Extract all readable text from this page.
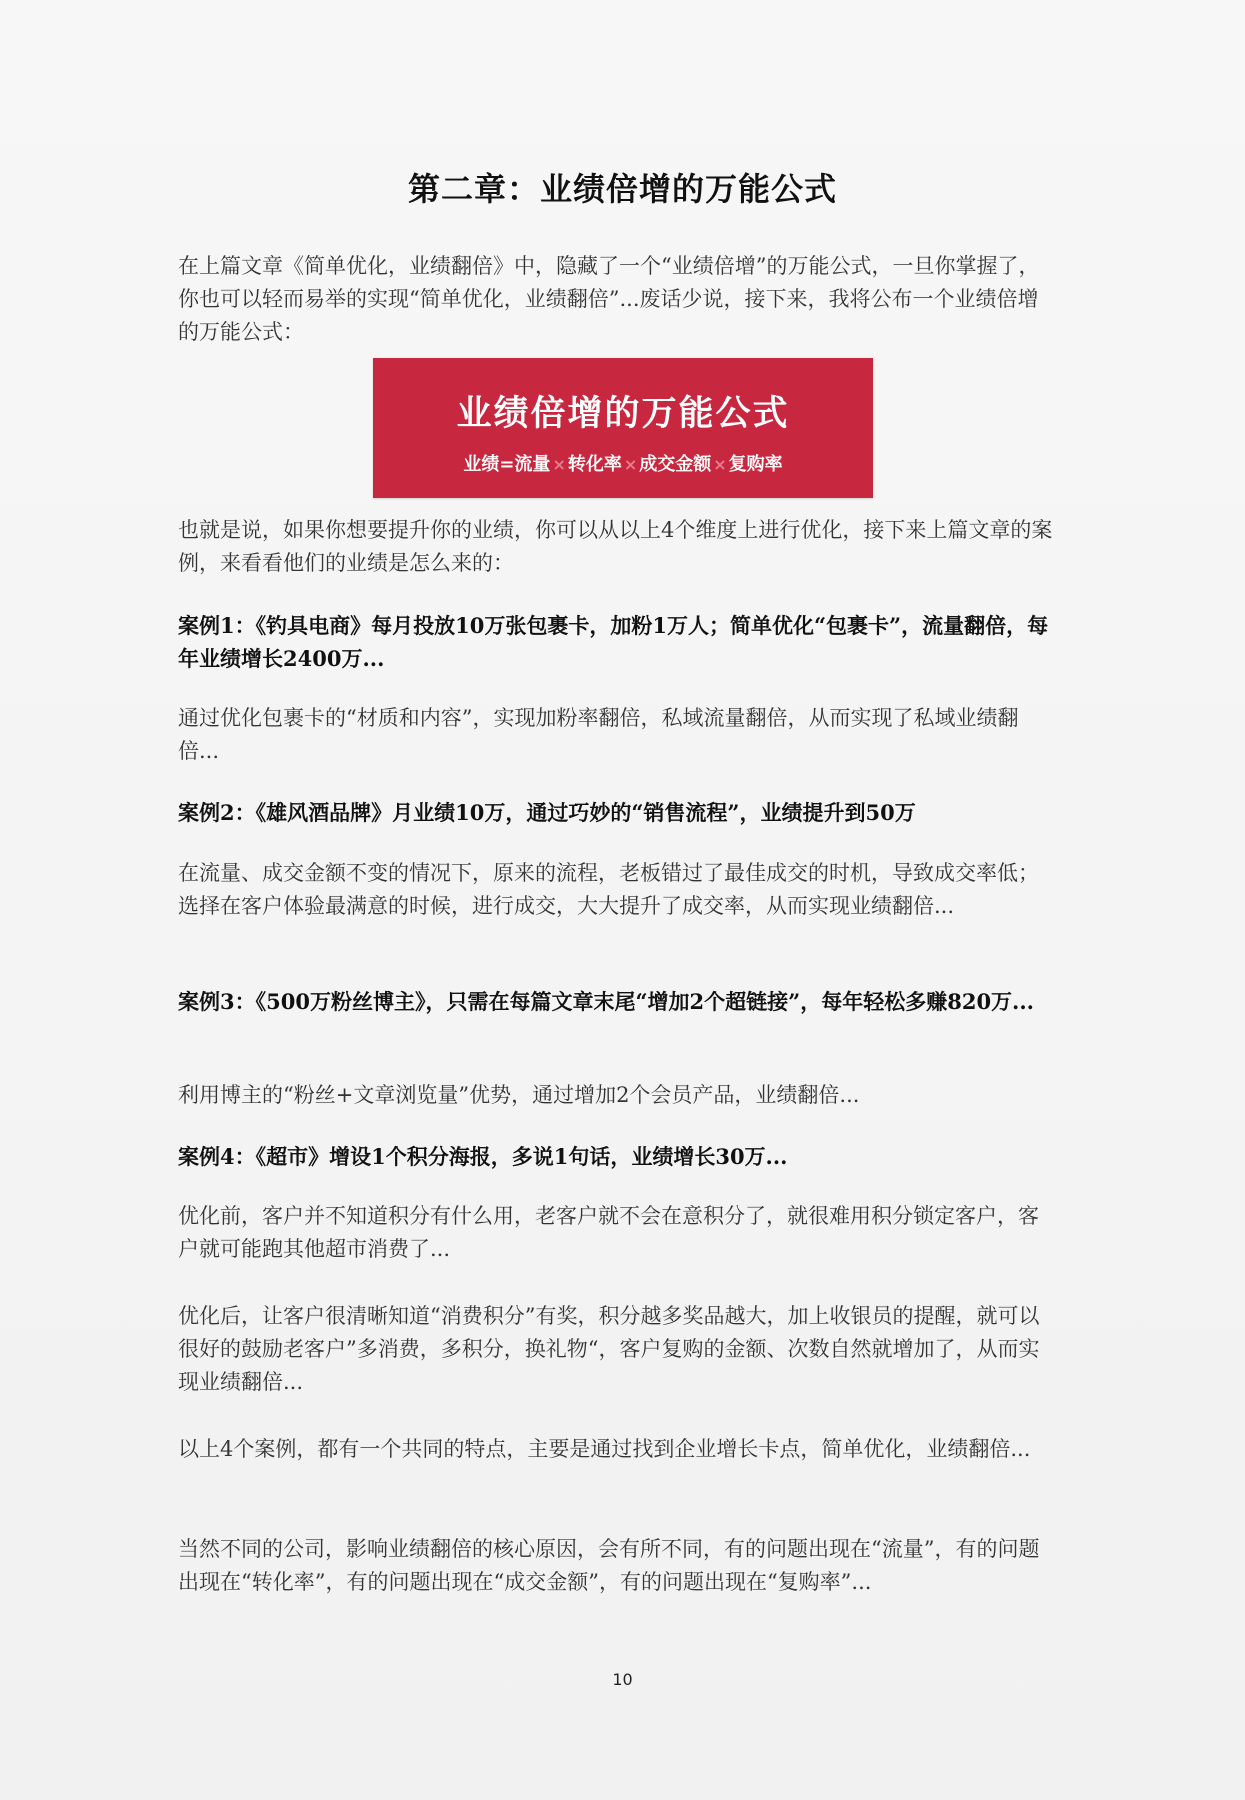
第二章：业绩倍增的万能公式
在上篇文章《简单优化，业绩翻倍》中，隐藏了一个“业绩倍增”的万能公式，一旦你掌握了，你也可以轻而易举的实现“简单优化，业绩翻倍”...废话少说，接下来，我将公布一个业绩倍增的万能公式：
业绩倍增的万能公式
业绩=流量 × 转化率 × 成交金额 × 复购率
也就是说，如果你想要提升你的业绩，你可以从以上4个维度上进行优化，接下来上篇文章的案例，来看看他们的业绩是怎么来的：
案例1：《钓具电商》每月投放10万张包裹卡，加粉1万人；简单优化“包裹卡”，流量翻倍，每年业绩增长2400万...
通过优化包裹卡的“材质和内容”，实现加粉率翻倍，私域流量翻倍，从而实现了私域业绩翻倍...
案例2：《雄风酒品牌》月业绩10万，通过巧妙的“销售流程”，业绩提升到50万
在流量、成交金额不变的情况下，原来的流程，老板错过了最佳成交的时机，导致成交率低；选择在客户体验最满意的时候，进行成交，大大提升了成交率，从而实现业绩翻倍...
案例3：《500万粉丝博主》，只需在每篇文章末尾“增加2个超链接”，每年轻松多赚820万...
利用博主的“粉丝+文章浏览量”优势，通过增加2个会员产品，业绩翻倍...
案例4：《超市》增设1个积分海报，多说1句话，业绩增长30万...
优化前，客户并不知道积分有什么用，老客户就不会在意积分了，就很难用积分锁定客户，客户就可能跑其他超市消费了...
优化后，让客户很清晰知道“消费积分”有奖，积分越多奖品越大，加上收银员的提醒，就可以很好的鼓励老客户”多消费，多积分，换礼物“，客户复购的金额、次数自然就增加了，从而实现业绩翻倍...
以上4个案例，都有一个共同的特点，主要是通过找到企业增长卡点，简单优化，业绩翻倍...
当然不同的公司，影响业绩翻倍的核心原因，会有所不同，有的问题出现在“流量”，有的问题出现在“转化率”，有的问题出现在“成交金额”，有的问题出现在“复购率”...
10
